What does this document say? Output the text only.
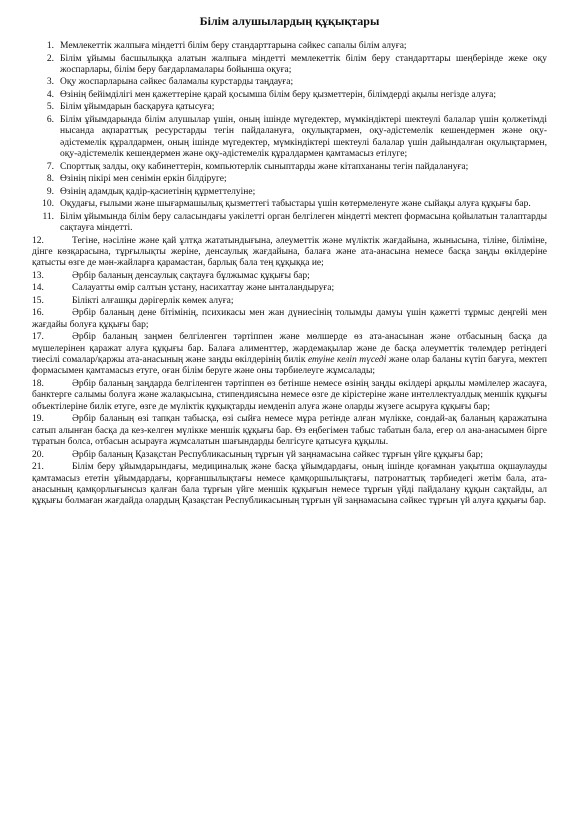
Білім алушылардың құқықтары
1. Мемлекеттік жалпыға міндетті білім беру стандарттарына сәйкес сапалы білім алуға;
2. Білім ұйымы басшылыққа алатын жалпыға міндетті мемлекеттік білім беру стандарттары шеңберінде жеке оқу жоспарлары, білім беру бағдарламалары бойынша оқуға;
3. Оқу жоспарларына сәйкес баламалы курстарды таңдауға;
4. Өзінің бейімділігі мен қажеттеріне қарай қосымша білім беру қызметтерін, білімдерді ақылы негізде алуға;
5. Білім ұйымдарын басқаруға қатысуға;
6. Білім ұйымдарында білім алушылар үшін, оның ішінде мүгедектер, мүмкіндіктері шектеулі балалар үшін қолжетімді нысанда ақпараттық ресурстарды тегін пайдалануға, оқулықтармен, оқу-әдістемелік кешендермен және оқу-әдістемелік құралдармен, оның ішінде мүгедектер, мүмкіндіктері шектеулі балалар үшін дайындалған оқулықтармен, оқу-әдістемелік кешендермен және оқу-әдістемелік құралдармен қамтамасыз етілуге;
7. Спорттық залды, оқу кабинеттерін, компьютерлік сыныптарды және кітапхананы тегін пайдалануға;
8. Өзінің пікірі мен сенімін еркін білдіруге;
9. Өзінің адамдық қадір-қасиетінің құрметтелуіне;
10. Оқудағы, ғылыми және шығармашылық қызметтегі табыстары үшін көтермеленуге және сыйақы алуға құқығы бар.
11. Білім ұйымында білім беру саласындағы уәкілетті орган белгілеген міндетті мектеп формасына қойылатын талаптарды сақтауға міндетті.
12.	Тегіне, нәсіліне және қай ұлтқа жататындығына, әлеуметтік және мүліктік жағдайына, жынысына, тіліне, біліміне, дінге көзқарасына, тұрғылықты жеріне, денсаулық жағдайына, балаға және ата-анасына немесе басқа заңды өкілдеріне қатысты өзге де мән-жайларға қарамастан, барлық бала тең құқыққа ие;
13.	Әрбір баланың денсаулық сақтауға бұлжымас құқығы бар;
14.	Салауатты өмір салтын ұстану, насихаттау және ынталандыруға;
15.	Білікті алғашқы дәрігерлік көмек алуға;
16.	Әрбір баланың дене бітімінің, психикасы мен жан дүниесінің толымды дамуы үшін қажетті тұрмыс деңгейі мен жағдайы болуға құқығы бар;
17.	Әрбір баланың заңмен белгіленген тәртіппен және мөлшерде өз ата-анасынан және отбасының басқа да мүшелерінен қаражат алуға құқығы бар. Балаға алименттер, жәрдемақылар және де басқа әлеуметтік төлемдер ретіндегі тиесілі сомалар/қаржы ата-анасының және заңды өкілдерінің билік етуіне келіп түседі және олар баланы күтіп бағуға, мектеп формасымен қамтамасыз етуге, оған білім беруге және оны тәрбиелеуге жұмсалады;
18.	Әрбір баланың заңдарда белгіленген тәртіппен өз бетінше немесе өзінің заңды өкілдері арқылы мәмілелер жасауға, банктерге салымы болуға және жалақысына, стипендиясына немесе өзге де кірістеріне және интеллектуалдық меншік құқығы объектілеріне билік етуге, өзге де мүліктік құқықтарды иемденіп алуға және оларды жүзеге асыруға құқығы бар;
19.	Әрбір баланың өзі тапқан табысқа, өзі сыйға немесе мұра ретінде алған мүлікке, сондай-ақ баланың қаражатына сатып алынған басқа да кез-келген мүлікке меншік құқығы бар. Өз еңбегімен табыс табатын бала, егер ол ана-анасымен бірге тұратын болса, отбасын асырауға жұмсалатын шағындарды белгісуге қатысуға құқылы.
20.	Әрбір баланың Қазақстан Республикасының тұрғын үй заңнамасына сәйкес тұрғын үйге құқығы бар;
21.	Білім беру ұйымдарындағы, медициналық және басқа ұйымдардағы, оның ішінде қоғамнан уақытша оқшаулауды қамтамасыз ететін ұйымдардағы, қорғаншылықтағы немесе қамқоршылықтағы, патронаттық тәрбиедегі жетім бала, ата-анасының қамқорлығынсыз қалған бала тұрғын үйге меншік құқығын немесе тұрғын үйді пайдалану құқын сақтайды, ал құқығы болмаған жағдайда олардың Қазақстан Республикасының тұрғын үй заңнамасына сәйкес тұрғын үй алуға құқығы бар.
